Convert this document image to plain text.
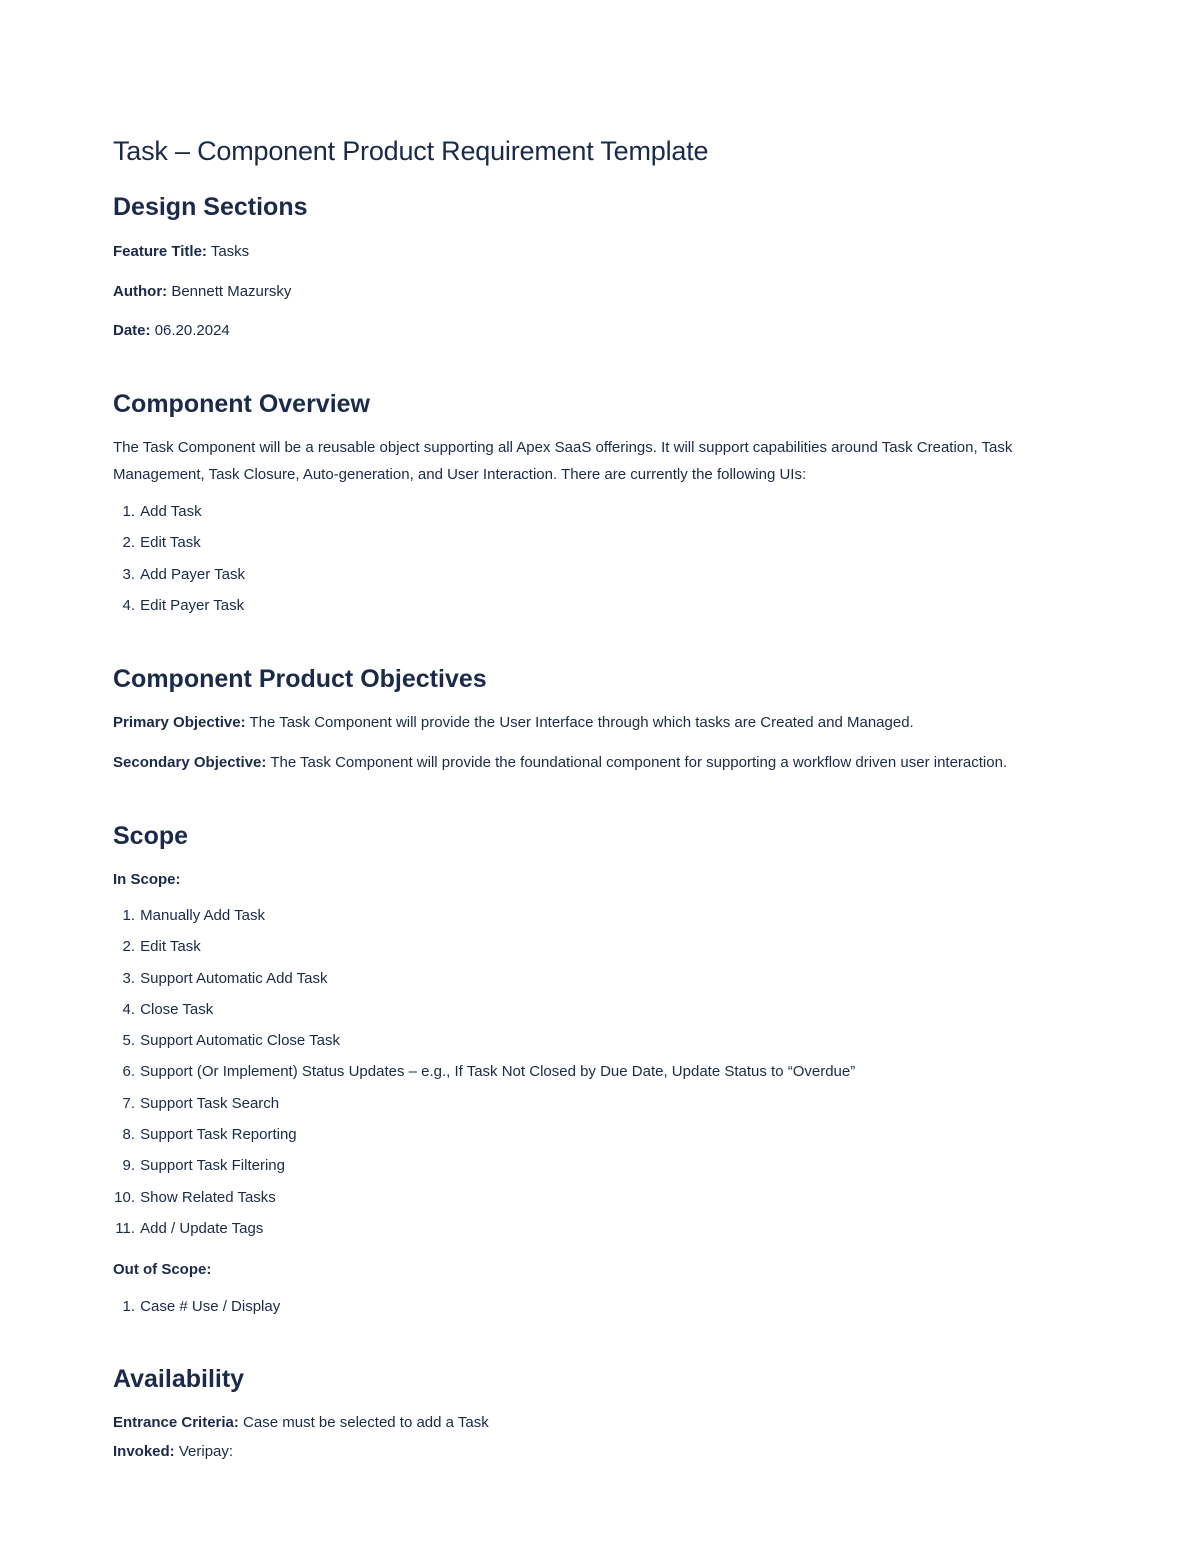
Task – Component Product Requirement Template
Design Sections

Feature Title: Tasks

Author: Bennett Mazursky

Date: 06.20.2024

Component Overview

The Task Component will be a reusable object supporting all Apex SaaS offerings. It will support capabilities around Task Creation, Task Management, Task Closure, Auto-generation, and User Interaction. There are currently the following UIs:

1. Add Task
2. Edit Task
3. Add Payer Task
4. Edit Payer Task
Component Product Objectives

Primary Objective: The Task Component will provide the User Interface through which tasks are Created and Managed.

Secondary Objective: The Task Component will provide the foundational component for supporting a workflow driven user interaction.

Scope

In Scope:

1. Manually Add Task
2. Edit Task
3. Support Automatic Add Task
4. Close Task
5. Support Automatic Close Task
6. Support (Or Implement) Status Updates – e.g., If Task Not Closed by Due Date, Update Status to “Overdue”
7. Support Task Search
8. Support Task Reporting
9. Support Task Filtering
10. Show Related Tasks
11. Add / Update Tags

Out of Scope:

1. Case # Use / Display
Availability

Entrance Criteria: Case must be selected to add a Task

Invoked: Veripay:
